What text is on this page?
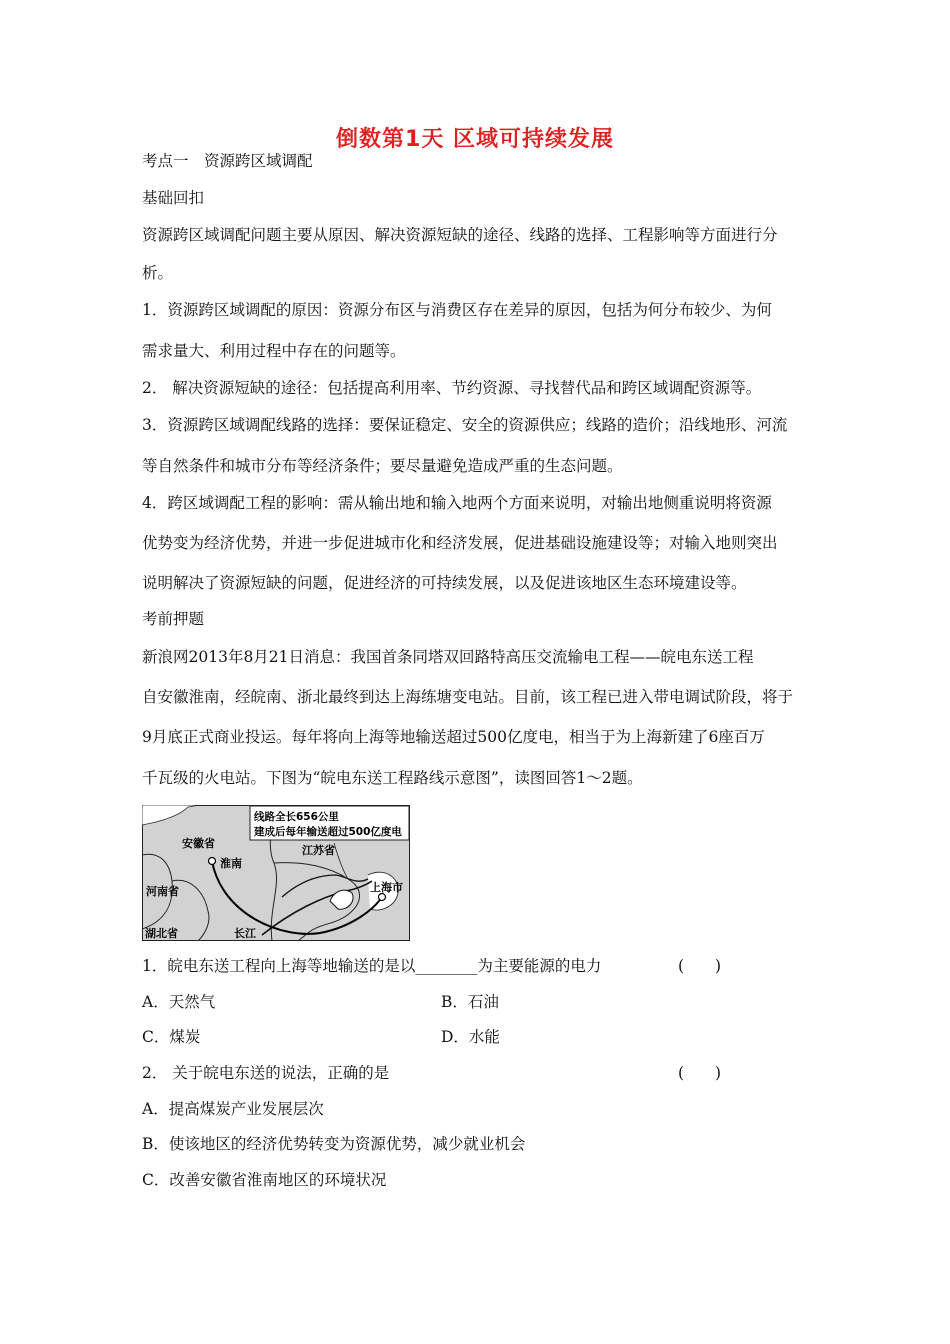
倒数第1天 区域可持续发展
考点一　资源跨区域调配
基础回扣
资源跨区域调配问题主要从原因、解决资源短缺的途径、线路的选择、工程影响等方面进行分
析。
1．资源跨区域调配的原因：资源分布区与消费区存在差异的原因，包括为何分布较少、为何
需求量大、利用过程中存在的问题等。
2． 解决资源短缺的途径：包括提高利用率、节约资源、寻找替代品和跨区域调配资源等。
3．资源跨区域调配线路的选择：要保证稳定、安全的资源供应；线路的造价；沿线地形、河流
等自然条件和城市分布等经济条件；要尽量避免造成严重的生态问题。
4．跨区域调配工程的影响：需从输出地和输入地两个方面来说明，对输出地侧重说明将资源
优势变为经济优势，并进一步促进城市化和经济发展，促进基础设施建设等；对输入地则突出
说明解决了资源短缺的问题，促进经济的可持续发展，以及促进该地区生态环境建设等。
考前押题
新浪网2013年8月21日消息：我国首条同塔双回路特高压交流输电工程——皖电东送工程
自安徽淮南，经皖南、浙北最终到达上海练塘变电站。目前，该工程已进入带电调试阶段，将于
9月底正式商业投运。每年将向上海等地输送超过500亿度电，相当于为上海新建了6座百万
千瓦级的火电站。下图为“皖电东送工程路线示意图”，读图回答1～2题。
线路全长656公里
建成后每年输送超过500亿度电
安徽省
淮南
江苏省
河南省	上海市
湖北省	长江
1．皖电东送工程向上海等地输送的是以________为主要能源的电力	(　　)
A．天然气	B．石油
C．煤炭	D．水能
2． 关于皖电东送的说法，正确的是	(　　)
A．提高煤炭产业发展层次
B．使该地区的经济优势转变为资源优势，减少就业机会
C．改善安徽省淮南地区的环境状况
